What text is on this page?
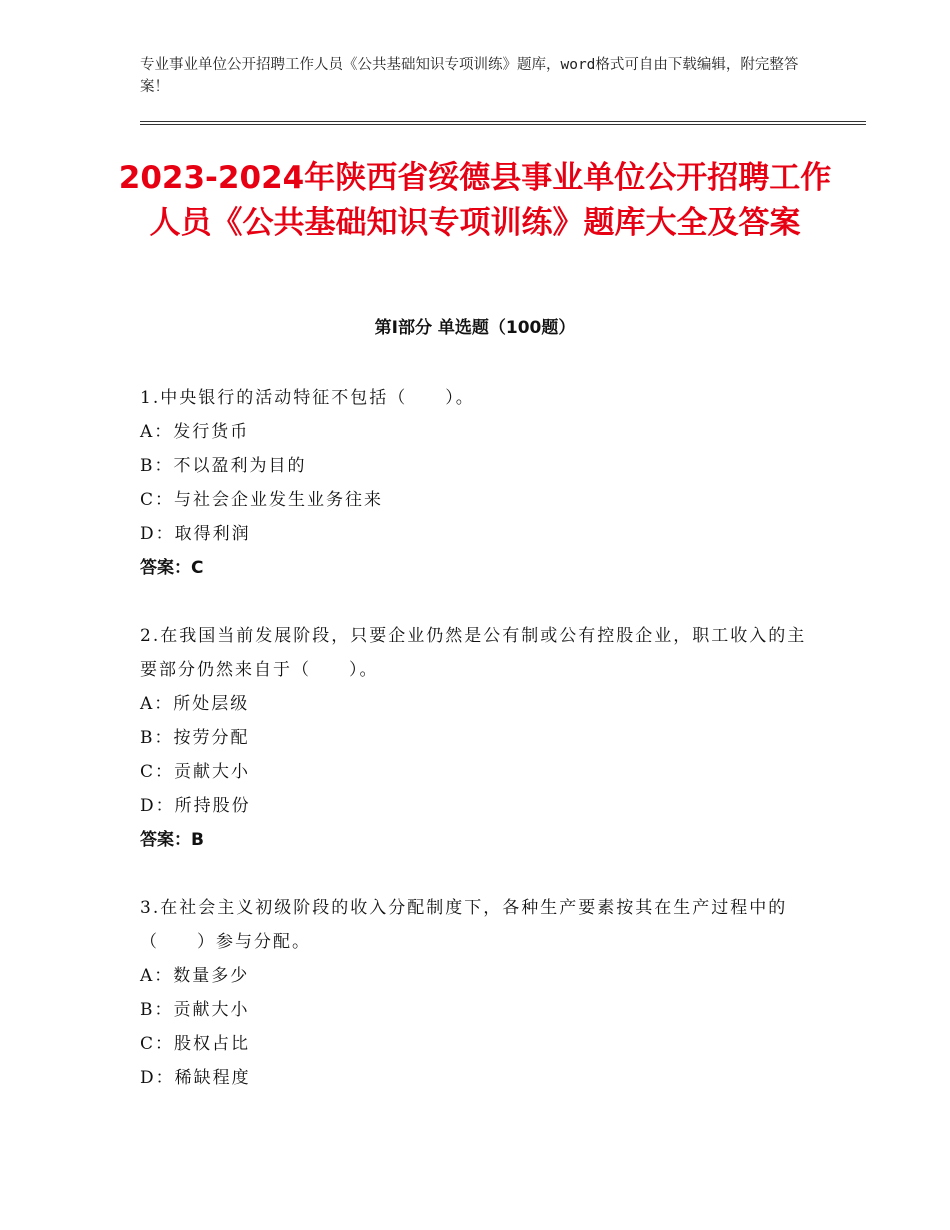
专业事业单位公开招聘工作人员《公共基础知识专项训练》题库，word格式可自由下载编辑，附完整答案！
2023-2024年陕西省绥德县事业单位公开招聘工作人员《公共基础知识专项训练》题库大全及答案
第Ⅰ部分 单选题（100题）
1.中央银行的活动特征不包括（　　）。
A：发行货币
B：不以盈利为目的
C：与社会企业发生业务往来
D：取得利润
答案：C
2.在我国当前发展阶段，只要企业仍然是公有制或公有控股企业，职工收入的主要部分仍然来自于（　　）。
A：所处层级
B：按劳分配
C：贡献大小
D：所持股份
答案：B
3.在社会主义初级阶段的收入分配制度下，各种生产要素按其在生产过程中的（　　）参与分配。
A：数量多少
B：贡献大小
C：股权占比
D：稀缺程度
